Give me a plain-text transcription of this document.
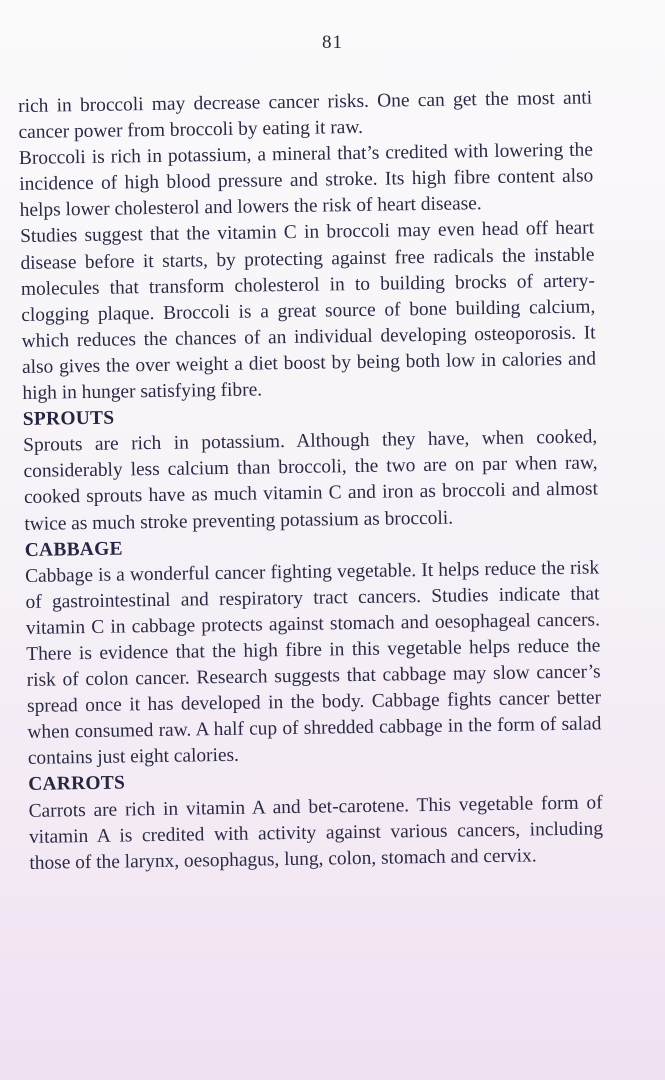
81

rich in broccoli may decrease cancer risks. One can get the most anti cancer power from broccoli by eating it raw.

Broccoli is rich in potassium, a mineral that’s credited with lowering the incidence of high blood pressure and stroke. Its high fibre content also helps lower cholesterol and lowers the risk of heart disease.

Studies suggest that the vitamin C in broccoli may even head off heart disease before it starts, by protecting against free radicals the instable molecules that transform cholesterol in to building brocks of artery-clogging plaque. Broccoli is a great source of bone building calcium, which reduces the chances of an individual developing osteoporosis. It also gives the over weight a diet boost by being both low in calories and high in hunger satisfying fibre.

SPROUTS

Sprouts are rich in potassium. Although they have, when cooked, considerably less calcium than broccoli, the two are on par when raw, cooked sprouts have as much vitamin C and iron as broccoli and almost twice as much stroke preventing potassium as broccoli.

CABBAGE

Cabbage is a wonderful cancer fighting vegetable. It helps reduce the risk of gastrointestinal and respiratory tract cancers. Studies indicate that vitamin C in cabbage protects against stomach and oesophageal cancers. There is evidence that the high fibre in this vegetable helps reduce the risk of colon cancer. Research suggests that cabbage may slow cancer’s spread once it has developed in the body. Cabbage fights cancer better when consumed raw. A half cup of shredded cabbage in the form of salad contains just eight calories.

CARROTS

Carrots are rich in vitamin A and bet-carotene. This vegetable form of vitamin A is credited with activity against various cancers, including those of the larynx, oesophagus, lung, colon, stomach and cervix.
